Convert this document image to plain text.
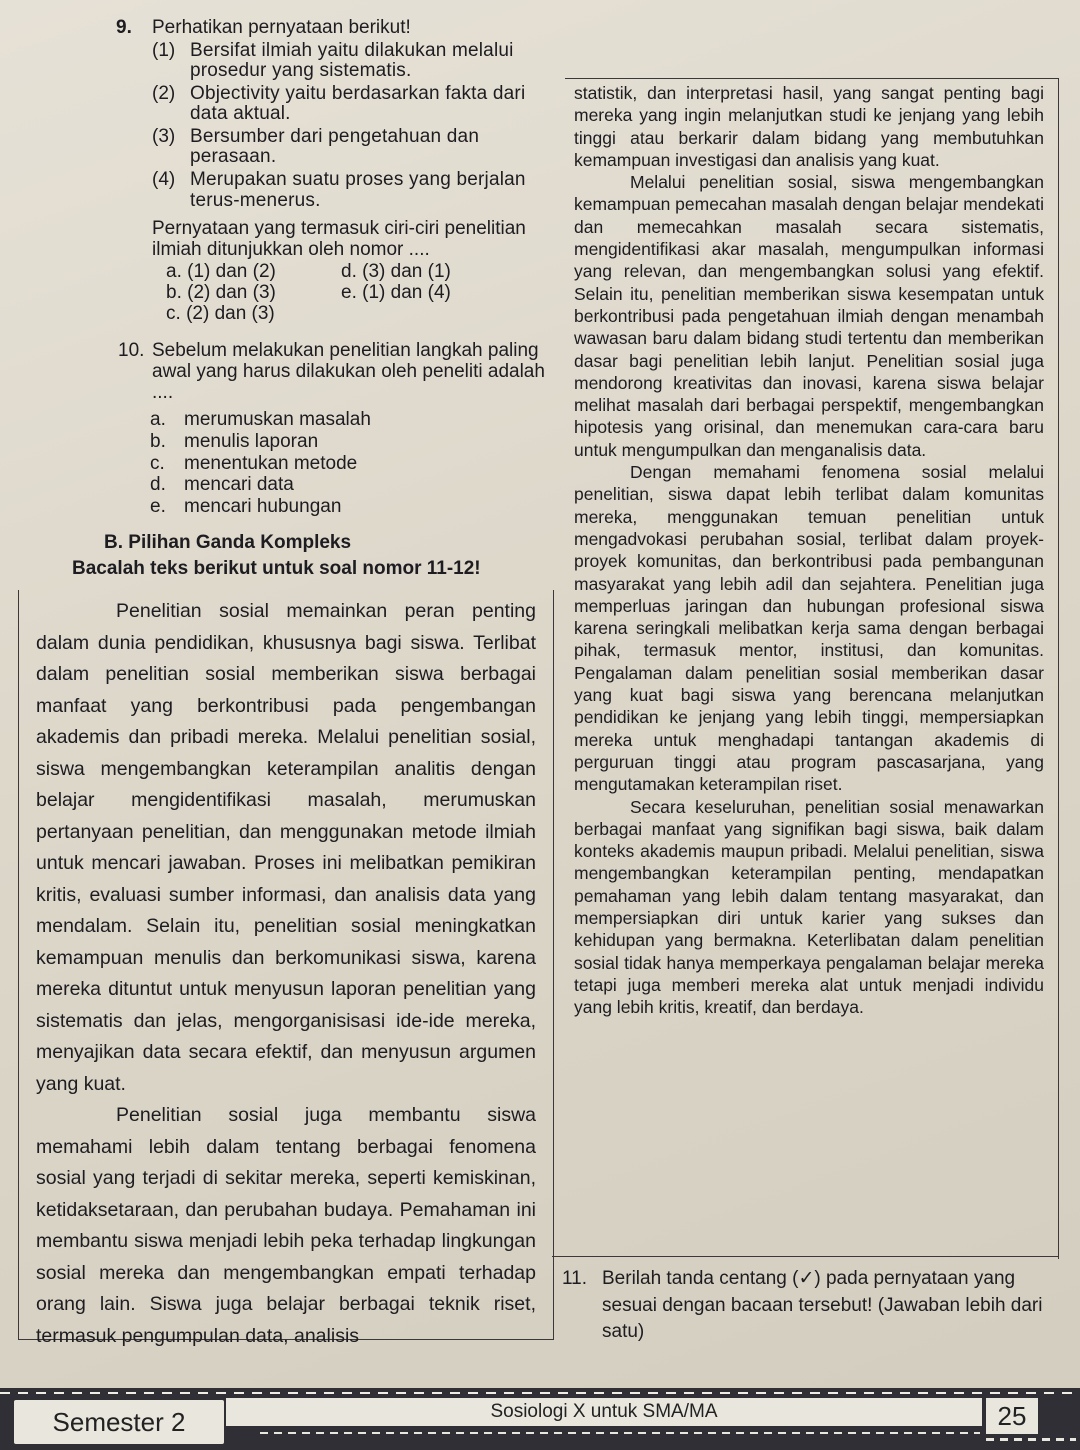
9. Perhatikan pernyataan berikut!
(1) Bersifat ilmiah yaitu dilakukan melalui prosedur yang sistematis.
(2) Objectivity yaitu berdasarkan fakta dari data aktual.
(3) Bersumber dari pengetahuan dan perasaan.
(4) Merupakan suatu proses yang berjalan terus-menerus.
Pernyataan yang termasuk ciri-ciri penelitian ilmiah ditunjukkan oleh nomor ....
a. (1) dan (2)	d. (3) dan (1)
b. (2) dan (3)	e. (1) dan (4)
c. (2) dan (3)
10. Sebelum melakukan penelitian langkah paling awal yang harus dilakukan oleh peneliti adalah
....
a. merumuskan masalah
b. menulis laporan
c.	menentukan metode
d. mencari data
e. mencari hubungan
B. Pilihan Ganda Kompleks
Bacalah teks berikut untuk soal nomor 11-12!

Penelitian sosial memainkan peran penting dalam dunia pendidikan, khususnya bagi siswa. Terlibat dalam penelitian sosial memberikan siswa berbagai manfaat yang berkontribusi pada pengembangan akademis dan pribadi mereka. Melalui penelitian sosial, siswa mengembangkan keterampilan analitis dengan belajar mengidentifikasi masalah, merumuskan pertanyaan penelitian, dan menggunakan metode ilmiah untuk mencari jawaban. Proses ini melibatkan pemikiran kritis, evaluasi sumber informasi, dan analisis data yang mendalam. Selain itu, penelitian sosial meningkatkan kemampuan menulis dan berkomunikasi siswa, karena mereka dituntut untuk menyusun laporan penelitian yang sistematis dan jelas, mengorganisisasi ide-ide mereka, menyajikan data secara efektif, dan menyusun argumen yang kuat.

Penelitian sosial juga membantu siswa memahami lebih dalam tentang berbagai fenomena sosial yang terjadi di sekitar mereka, seperti kemiskinan, ketidaksetaraan, dan perubahan budaya. Pemahaman ini membantu siswa menjadi lebih peka terhadap lingkungan sosial mereka dan mengembangkan empati terhadap orang lain. Siswa juga belajar berbagai teknik riset, termasuk pengumpulan data, analisis

statistik, dan interpretasi hasil, yang sangat penting bagi mereka yang ingin melanjutkan studi ke jenjang yang lebih tinggi atau berkarir dalam bidang yang membutuhkan kemampuan investigasi dan analisis yang kuat.

Melalui penelitian sosial, siswa mengembangkan kemampuan pemecahan masalah dengan belajar mendekati dan memecahkan masalah secara sistematis, mengidentifikasi akar masalah, mengumpulkan informasi yang relevan, dan mengembangkan solusi yang efektif. Selain itu, penelitian memberikan siswa kesempatan untuk berkontribusi pada pengetahuan ilmiah dengan menambah wawasan baru dalam bidang studi tertentu dan memberikan dasar bagi penelitian lebih lanjut. Penelitian sosial juga mendorong kreativitas dan inovasi, karena siswa belajar melihat masalah dari berbagai perspektif, mengembangkan hipotesis yang orisinal, dan menemukan cara-cara baru untuk mengumpulkan dan menganalisis data.

Dengan memahami fenomena sosial melalui penelitian, siswa dapat lebih terlibat dalam komunitas mereka, menggunakan temuan penelitian untuk mengadvokasi perubahan sosial, terlibat dalam proyek-proyek komunitas, dan berkontribusi pada pembangunan masyarakat yang lebih adil dan sejahtera. Penelitian juga memperluas jaringan dan hubungan profesional siswa karena seringkali melibatkan kerja sama dengan berbagai pihak, termasuk mentor, institusi, dan komunitas. Pengalaman dalam penelitian sosial memberikan dasar yang kuat bagi siswa yang berencana melanjutkan pendidikan ke jenjang yang lebih tinggi, mempersiapkan mereka untuk menghadapi tantangan akademis di perguruan tinggi atau program pascasarjana, yang mengutamakan keterampilan riset.

Secara keseluruhan, penelitian sosial menawarkan berbagai manfaat yang signifikan bagi siswa, baik dalam konteks akademis maupun pribadi. Melalui penelitian, siswa mengembangkan keterampilan penting, mendapatkan pemahaman yang lebih dalam tentang masyarakat, dan mempersiapkan diri untuk karier yang sukses dan kehidupan yang bermakna. Keterlibatan dalam penelitian sosial tidak hanya memperkaya pengalaman belajar mereka tetapi juga memberi mereka alat untuk menjadi individu yang lebih kritis, kreatif, dan berdaya.

11. Berilah tanda centang (✓) pada pernyataan yang sesuai dengan bacaan tersebut! (Jawaban lebih dari satu)
Semester 2	Sosiologi X untuk SMA/MA	25
